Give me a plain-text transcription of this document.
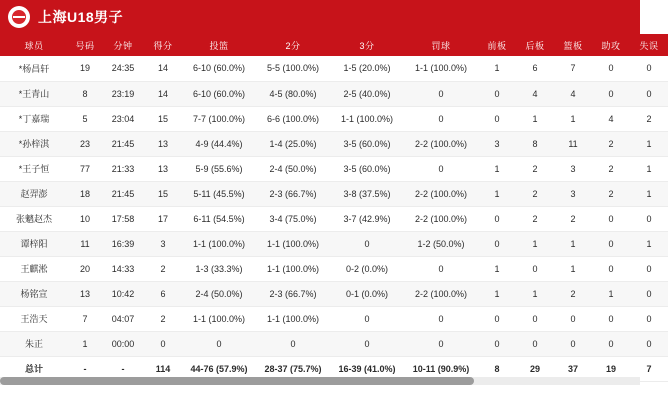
上海U18男子
球员	号码	分钟	得分	投篮	2分	3分	罚球	前板	后板	篮板	助攻	失误
*杨昌轩	19	24:35	14	6-10 (60.0%)	5-5 (100.0%)	1-5 (20.0%)	1-1 (100.0%)	1	6	7	0	0
*王青山	8	23:19	14	6-10 (60.0%)	4-5 (80.0%)	2-5 (40.0%)	0	0	4	4	0	0
*丁嘉瑞	5	23:04	15	7-7 (100.0%)	6-6 (100.0%)	1-1 (100.0%)	0	0	1	1	4	2
*孙梓淇	23	21:45	13	4-9 (44.4%)	1-4 (25.0%)	3-5 (60.0%)	2-2 (100.0%)	3	8	11	2	1
*王子恒	77	21:33	13	5-9 (55.6%)	2-4 (50.0%)	3-5 (60.0%)	0	1	2	3	2	1
赵羿澎	18	21:45	15	5-11 (45.5%)	2-3 (66.7%)	3-8 (37.5%)	2-2 (100.0%)	1	2	3	2	1
张魑赵杰	10	17:58	17	6-11 (54.5%)	3-4 (75.0%)	3-7 (42.9%)	2-2 (100.0%)	0	2	2	0	0
谭梓阳	11	16:39	3	1-1 (100.0%)	1-1 (100.0%)	0	1-2 (50.0%)	0	1	1	0	1
王麒淞	20	14:33	2	1-3 (33.3%)	1-1 (100.0%)	0-2 (0.0%)	0	1	0	1	0	0
杨铭宣	13	10:42	6	2-4 (50.0%)	2-3 (66.7%)	0-1 (0.0%)	2-2 (100.0%)	1	1	2	1	0
王浩天	7	04:07	2	1-1 (100.0%)	1-1 (100.0%)	0	0	0	0	0	0	0
朱正	1	00:00	0	0	0	0	0	0	0	0	0	0
总计	-	-	114	44-76 (57.9%)	28-37 (75.7%)	16-39 (41.0%)	10-11 (90.9%)	8	29	37	19	7
